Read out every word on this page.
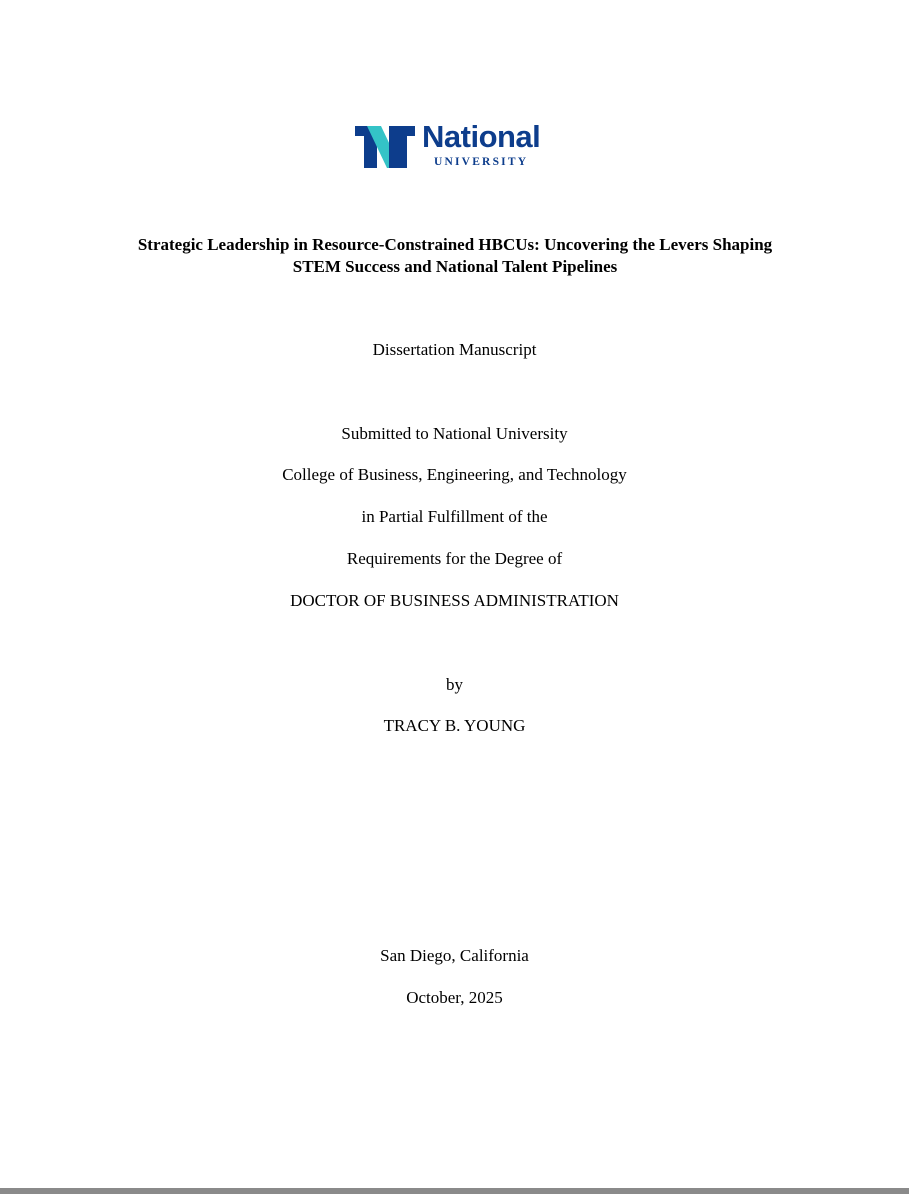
National
UNIVERSITY
Strategic Leadership in Resource-Constrained HBCUs: Uncovering the Levers Shaping
STEM Success and National Talent Pipelines
Dissertation Manuscript
Submitted to National University
College of Business, Engineering, and Technology
in Partial Fulfillment of the
Requirements for the Degree of
DOCTOR OF BUSINESS ADMINISTRATION
by
TRACY B. YOUNG
San Diego, California
October, 2025
